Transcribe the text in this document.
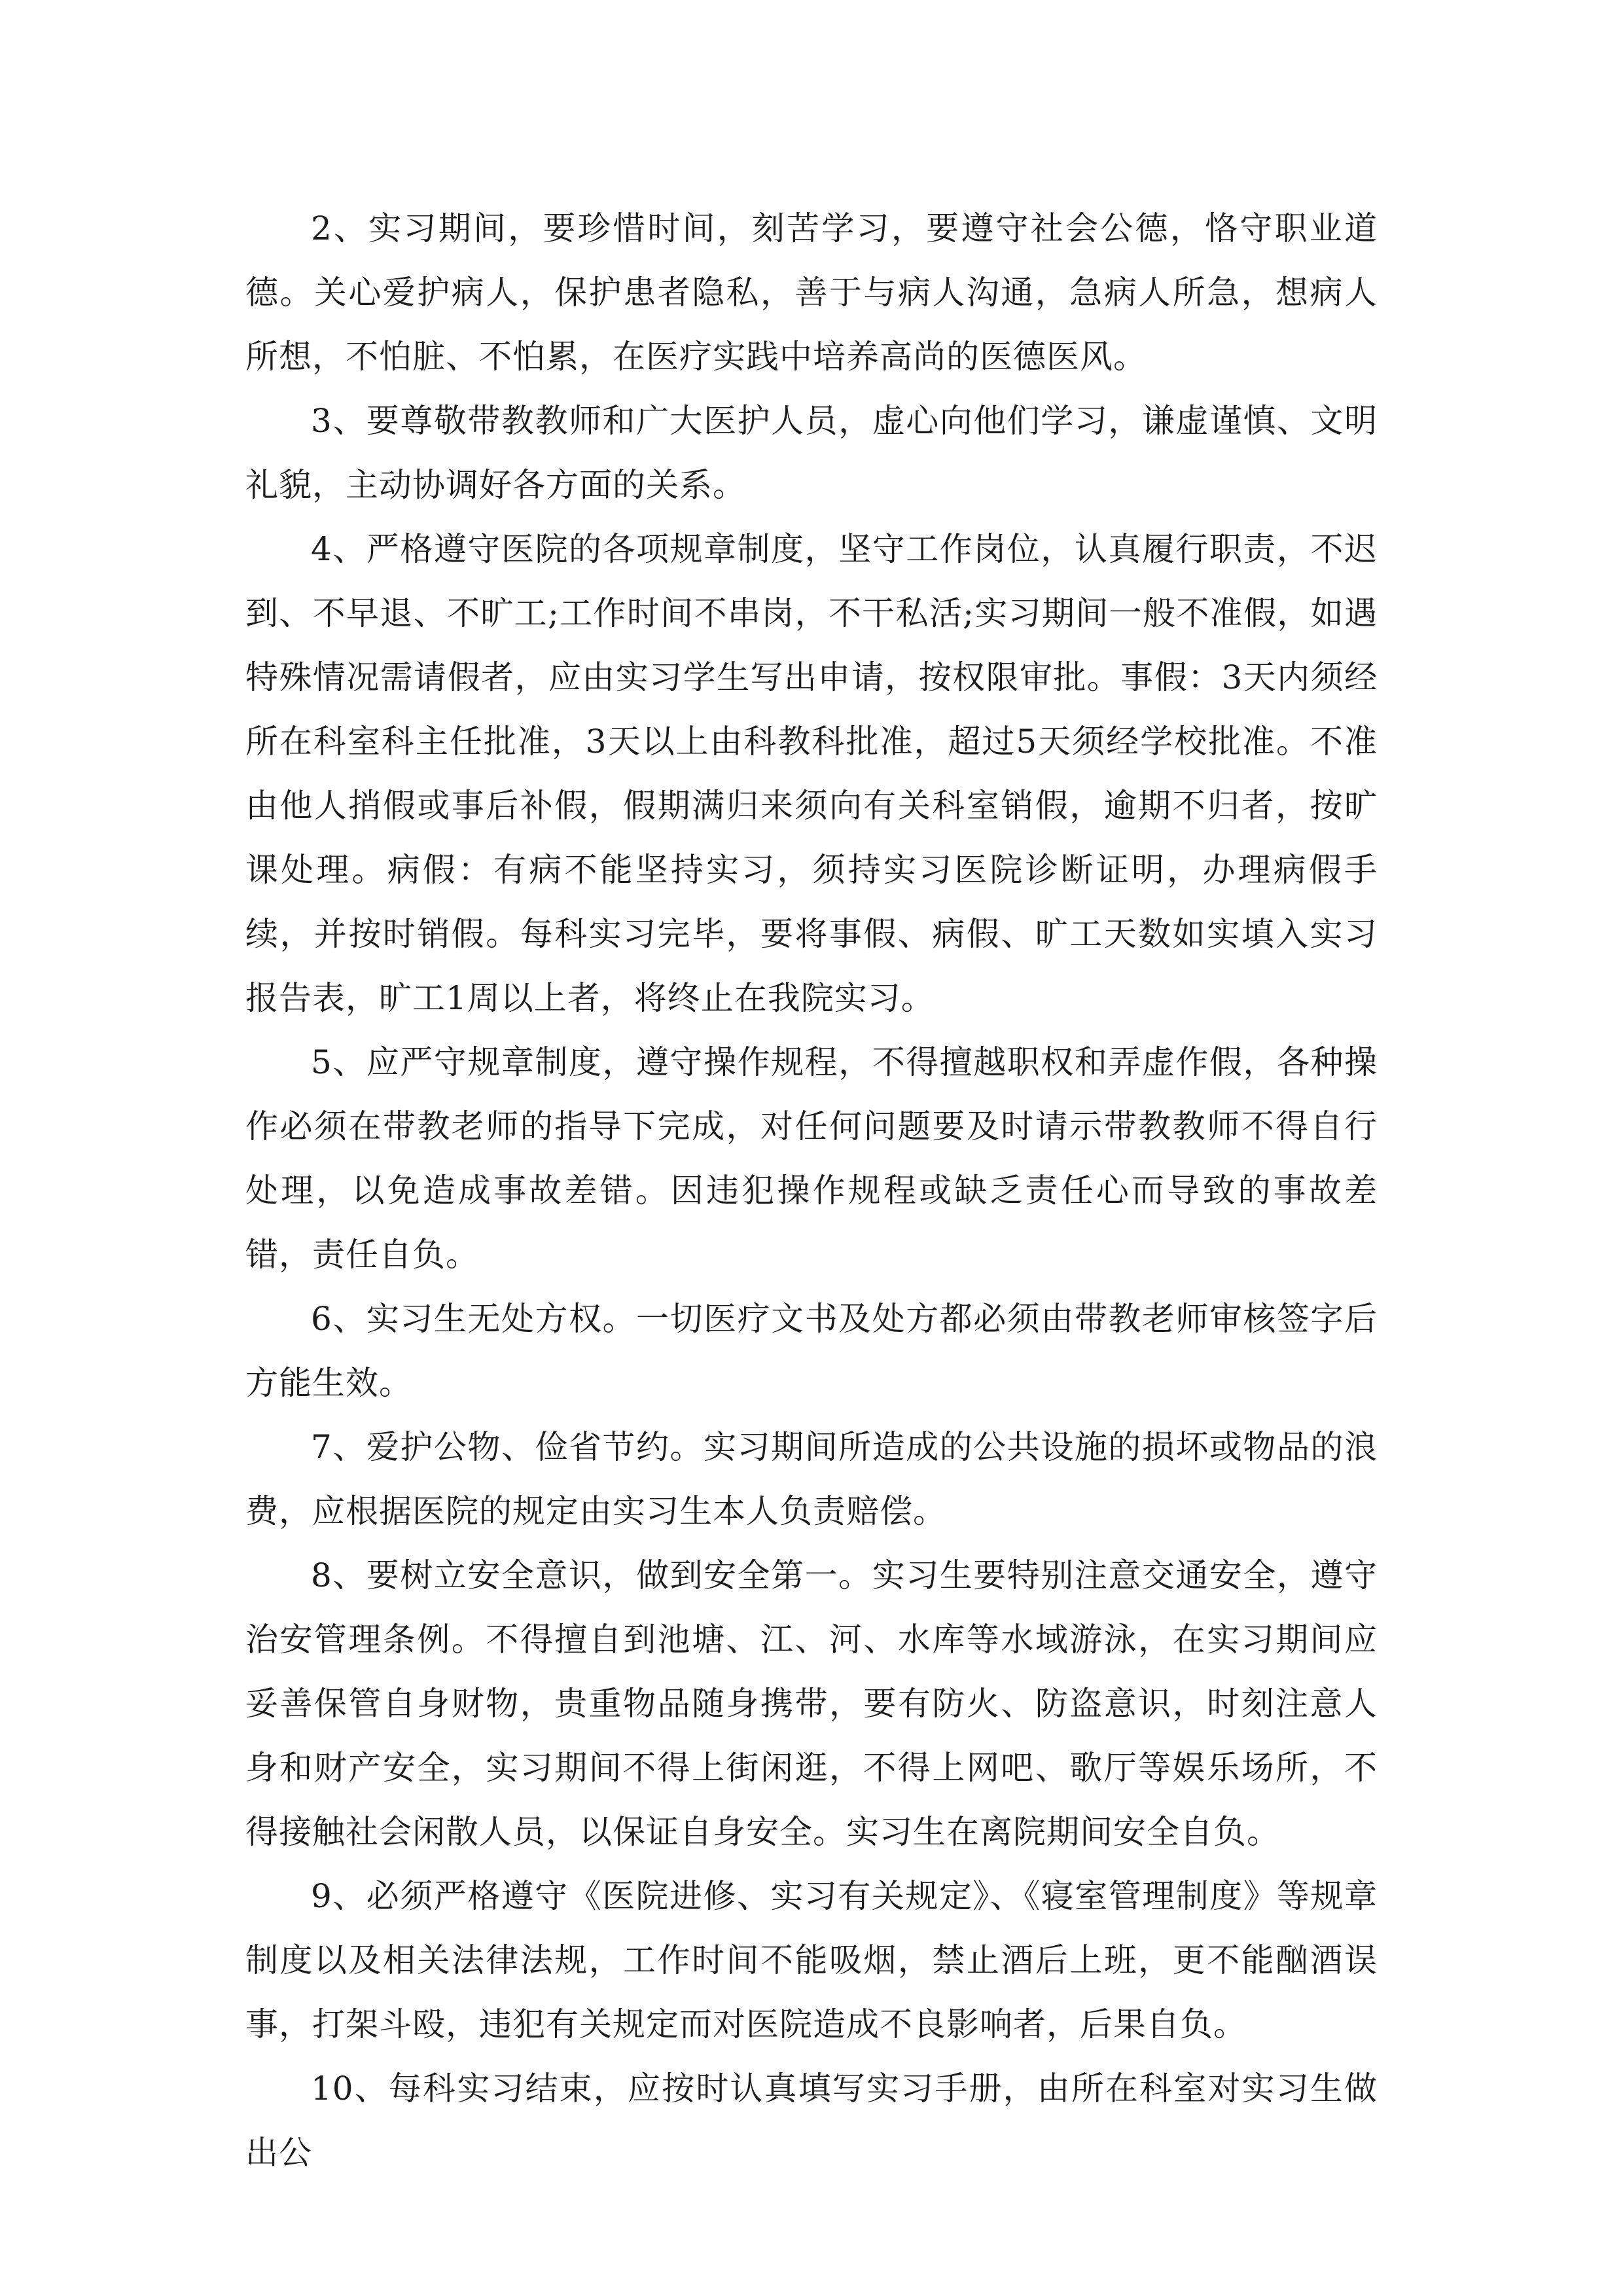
2、实习期间，要珍惜时间，刻苦学习，要遵守社会公德，恪守职业道德。关心爱护病人，保护患者隐私，善于与病人沟通，急病人所急，想病人所想，不怕脏、不怕累，在医疗实践中培养高尚的医德医风。

3、要尊敬带教教师和广大医护人员，虚心向他们学习，谦虚谨慎、文明礼貌，主动协调好各方面的关系。

4、严格遵守医院的各项规章制度，坚守工作岗位，认真履行职责，不迟到、不早退、不旷工;工作时间不串岗，不干私活;实习期间一般不准假，如遇特殊情况需请假者，应由实习学生写出申请，按权限审批。事假：3天内须经所在科室科主任批准，3天以上由科教科批准，超过5天须经学校批准。不准由他人捎假或事后补假，假期满归来须向有关科室销假，逾期不归者，按旷课处理。病假：有病不能坚持实习，须持实习医院诊断证明，办理病假手续，并按时销假。每科实习完毕，要将事假、病假、旷工天数如实填入实习报告表，旷工1周以上者，将终止在我院实习。

5、应严守规章制度，遵守操作规程，不得擅越职权和弄虚作假，各种操作必须在带教老师的指导下完成，对任何问题要及时请示带教教师不得自行处理，以免造成事故差错。因违犯操作规程或缺乏责任心而导致的事故差错，责任自负。

6、实习生无处方权。一切医疗文书及处方都必须由带教老师审核签字后方能生效。

7、爱护公物、俭省节约。实习期间所造成的公共设施的损坏或物品的浪费，应根据医院的规定由实习生本人负责赔偿。

8、要树立安全意识，做到安全第一。实习生要特别注意交通安全，遵守治安管理条例。不得擅自到池塘、江、河、水库等水域游泳，在实习期间应妥善保管自身财物，贵重物品随身携带，要有防火、防盗意识，时刻注意人身和财产安全，实习期间不得上街闲逛，不得上网吧、歌厅等娱乐场所，不得接触社会闲散人员，以保证自身安全。实习生在离院期间安全自负。

9、必须严格遵守《医院进修、实习有关规定》、《寝室管理制度》等规章制度以及相关法律法规，工作时间不能吸烟，禁止酒后上班，更不能酗酒误事，打架斗殴，违犯有关规定而对医院造成不良影响者，后果自负。

10、每科实习结束，应按时认真填写实习手册，由所在科室对实习生做出公
